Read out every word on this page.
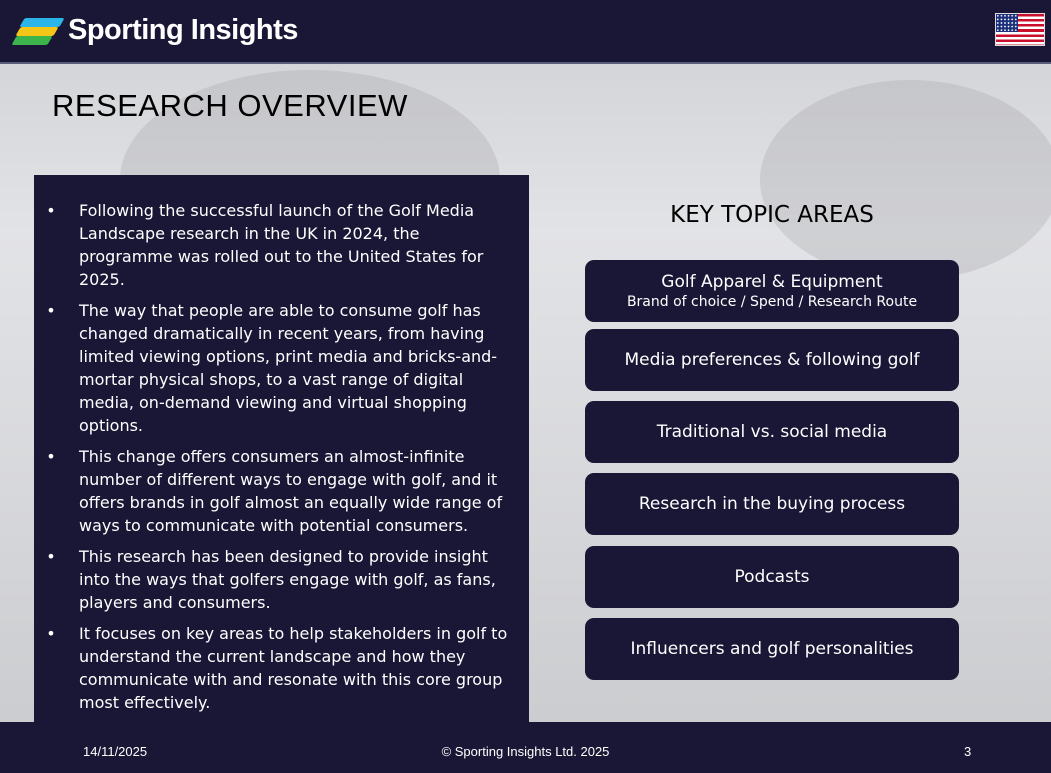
Sporting Insights
RESEARCH OVERVIEW
• Following the successful launch of the Golf Media Landscape research in the UK in 2024, the programme was rolled out to the United States for 2025.
• The way that people are able to consume golf has changed dramatically in recent years, from having limited viewing options, print media and bricks-and-mortar physical shops, to a vast range of digital media, on-demand viewing and virtual shopping options.
• This change offers consumers an almost-infinite number of different ways to engage with golf, and it offers brands in golf almost an equally wide range of ways to communicate with potential consumers.
• This research has been designed to provide insight into the ways that golfers engage with golf, as fans, players and consumers.
• It focuses on key areas to help stakeholders in golf to understand the current landscape and how they communicate with and resonate with this core group most effectively.
KEY TOPIC AREAS
Golf Apparel & Equipment
Brand of choice / Spend / Research Route
Media preferences & following golf
Traditional vs. social media
Research in the buying process
Podcasts
Influencers and golf personalities
14/11/2025	© Sporting Insights Ltd. 2025	3
